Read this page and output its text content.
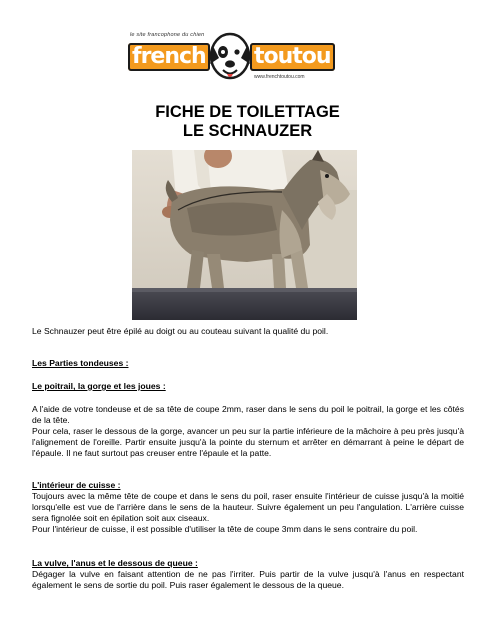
le site francophone du chien
french toutou
www.frenchtoutou.com
FICHE DE TOILETTAGE
LE SCHNAUZER
Le Schnauzer peut être épilé au doigt ou au couteau suivant la qualité du poil.
Les Parties tondeuses :
Le poitrail, la gorge et les joues :
A l'aide de votre tondeuse et de sa tête de coupe 2mm, raser dans le sens du poil le poitrail, la gorge et les côtés de la tête.
Pour cela, raser le dessous de la gorge, avancer un peu sur la partie inférieure de la mâchoire à peu près jusqu'à l'alignement de l'oreille. Partir ensuite jusqu'à la pointe du sternum et arrêter en démarrant à peine le départ de l'épaule. Il ne faut surtout pas creuser entre l'épaule et la patte.
L'intérieur de cuisse :
Toujours avec la même tête de coupe et dans le sens du poil, raser ensuite l'intérieur de cuisse jusqu'à la moitié lorsqu'elle est vue de l'arrière dans le sens de la hauteur. Suivre également un peu l'angulation. L'arrière cuisse sera fignolée soit en épilation soit aux ciseaux.
Pour l'intérieur de cuisse, il est possible d'utiliser la tête de coupe 3mm dans le sens contraire du poil.
La vulve, l'anus et le dessous de queue :
Dégager la vulve en faisant attention de ne pas l'irriter. Puis partir de la vulve jusqu'à l'anus en respectant également le sens de sortie du poil. Puis raser également le dessous de la queue.
